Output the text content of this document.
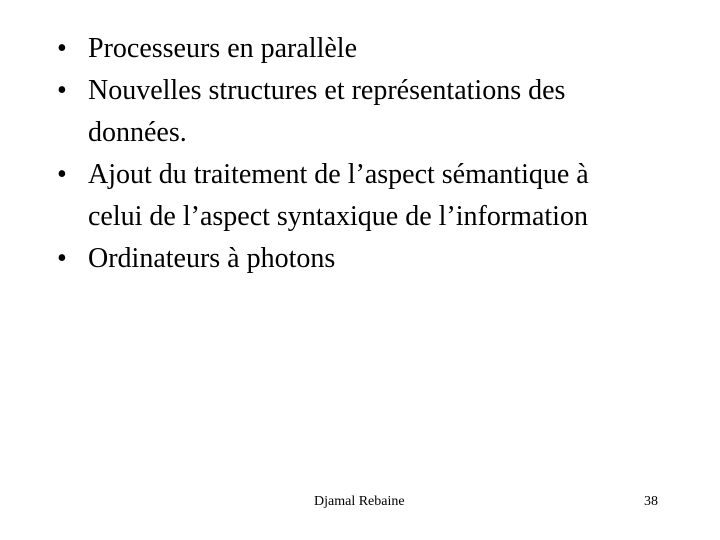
• Processeurs en parallèle
• Nouvelles structures et représentations des
données.
• Ajout du traitement de l’aspect sémantique à
celui de l’aspect syntaxique de l’information
• Ordinateurs à photons
Djamal Rebaine	38
